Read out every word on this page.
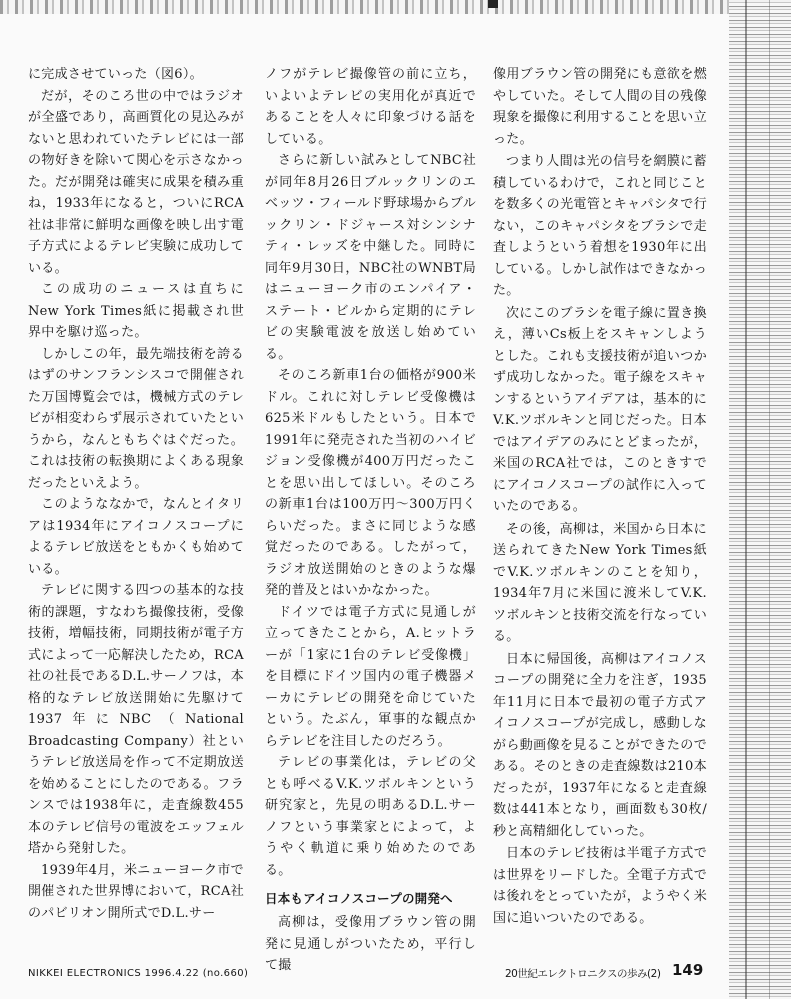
に完成させていった（図6）。

だが，そのころ世の中ではラジオが全盛であり，高画質化の見込みがないと思われていたテレビには一部の物好きを除いて関心を示さなかった。だが開発は確実に成果を積み重ね，1933年になると，ついにRCA社は非常に鮮明な画像を映し出す電子方式によるテレビ実験に成功している。

この成功のニュースは直ちにNew York Times紙に掲載され世界中を駆け巡った。

しかしこの年，最先端技術を誇るはずのサンフランシスコで開催された万国博覧会では，機械方式のテレビが相変わらず展示されていたというから，なんともちぐはぐだった。これは技術の転換期によくある現象だったといえよう。

このようななかで，なんとイタリアは1934年にアイコノスコープによるテレビ放送をともかくも始めている。

テレビに関する四つの基本的な技術的課題，すなわち撮像技術，受像技術，増幅技術，同期技術が電子方式によって一応解決したため，RCA社の社長であるD.L.サーノフは，本格的なテレビ放送開始に先駆けて1937年にNBC（National Broadcasting Company）社というテレビ放送局を作って不定期放送を始めることにしたのである。フランスでは1938年に，走査線数455本のテレビ信号の電波をエッフェル塔から発射した。

1939年4月，米ニューヨーク市で開催された世界博において，RCA社のパビリオン開所式でD.L.サー

ノフがテレビ撮像管の前に立ち，いよいよテレビの実用化が真近であることを人々に印象づける話をしている。

さらに新しい試みとしてNBC社が同年8月26日ブルックリンのエベッツ・フィールド野球場からブルックリン・ドジャース対シンシナティ・レッズを中継した。同時に同年9月30日，NBC社のWNBT局はニューヨーク市のエンパイア・ステート・ビルから定期的にテレビの実験電波を放送し始めている。

そのころ新車1台の価格が900米ドル。これに対しテレビ受像機は625米ドルもしたという。日本で1991年に発売された当初のハイビジョン受像機が400万円だったことを思い出してほしい。そのころの新車1台は100万円〜300万円くらいだった。まさに同じような感覚だったのである。したがって，ラジオ放送開始のときのような爆発的普及とはいかなかった。

ドイツでは電子方式に見通しが立ってきたことから，A.ヒットラーが「1家に1台のテレビ受像機」を目標にドイツ国内の電子機器メーカにテレビの開発を命じていたという。たぶん，軍事的な観点からテレビを注目したのだろう。

テレビの事業化は，テレビの父とも呼べるV.K.ツボルキンという研究家と，先見の明あるD.L.サーノフという事業家とによって，ようやく軌道に乗り始めたのである。

日本もアイコノスコープの開発へ

高柳は，受像用ブラウン管の開発に見通しがついたため，平行して撮

像用ブラウン管の開発にも意欲を燃やしていた。そして人間の目の残像現象を撮像に利用することを思い立った。

つまり人間は光の信号を網膜に蓄積しているわけで，これと同じことを数多くの光電管とキャパシタで行ない，このキャパシタをブラシで走査しようという着想を1930年に出している。しかし試作はできなかった。

次にこのブラシを電子線に置き換え，薄いCs板上をスキャンしようとした。これも支援技術が追いつかず成功しなかった。電子線をスキャンするというアイデアは，基本的にV.K.ツボルキンと同じだった。日本ではアイデアのみにとどまったが，米国のRCA社では，このときすでにアイコノスコープの試作に入っていたのである。

その後，高柳は，米国から日本に送られてきたNew York Times紙でV.K.ツボルキンのことを知り，1934年7月に米国に渡米してV.K.ツボルキンと技術交流を行なっている。

日本に帰国後，高柳はアイコノスコープの開発に全力を注ぎ，1935年11月に日本で最初の電子方式アイコノスコープが完成し，感動しながら動画像を見ることができたのである。そのときの走査線数は210本だったが，1937年になると走査線数は441本となり，画面数も30枚/秒と高精細化していった。

日本のテレビ技術は半電子方式では世界をリードした。全電子方式では後れをとっていたが，ようやく米国に追いついたのである。

NIKKEI ELECTRONICS 1996.4.22 (no.660)	20世紀エレクトロニクスの歩み(2) 149
